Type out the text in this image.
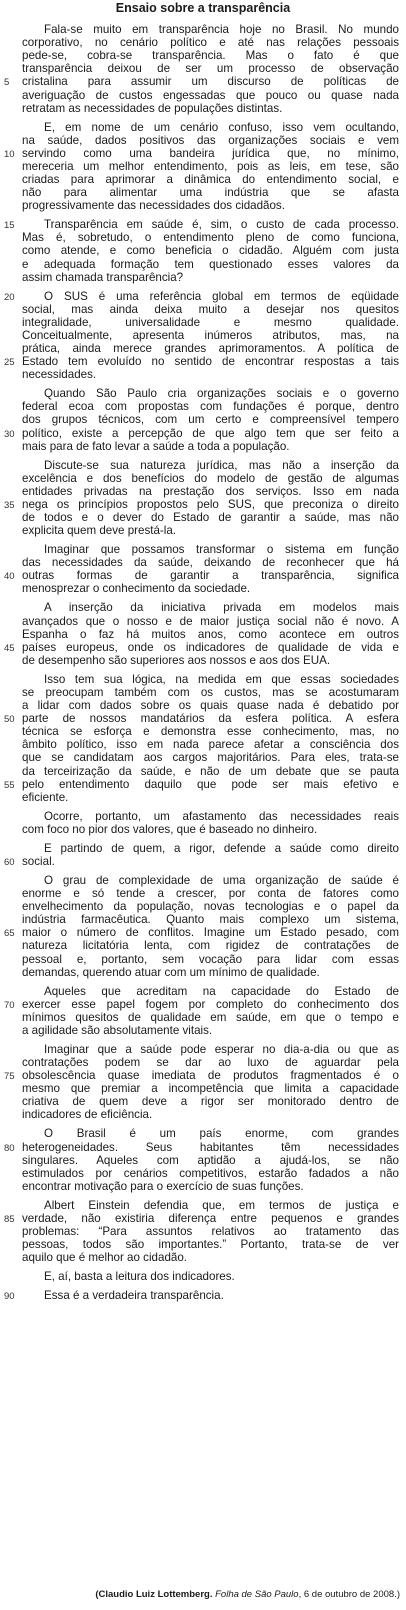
Ensaio sobre a transparência
Fala-se muito em transparência hoje no Brasil. No mundo
corporativo, no cenário político e até nas relações pessoais
pede-se, cobra-se transparência. Mas o fato é que
transparência deixou de ser um processo de observação
cristalina para assumir um discurso de políticas de
5
averiguação de custos engessadas que pouco ou quase nada
retratam as necessidades de populações distintas.
E, em nome de um cenário confuso, isso vem ocultando,
na saúde, dados positivos das organizações sociais e vem
servindo como uma bandeira jurídica que, no mínimo,
10
mereceria um melhor entendimento, pois as leis, em tese, são
criadas para aprimorar a dinâmica do entendimento social, e
não para alimentar uma indústria que se afasta
progressivamente das necessidades dos cidadãos.
Transparência em saúde é, sim, o custo de cada processo.
15
Mas é, sobretudo, o entendimento pleno de como funciona,
como atende, e como beneficia o cidadão. Alguém com justa
e adequada formação tem questionado esses valores da
assim chamada transparência?
O SUS é uma referência global em termos de eqüidade
20
social, mas ainda deixa muito a desejar nos quesitos
integralidade, universalidade e mesmo qualidade.
Conceitualmente, apresenta inúmeros atributos, mas, na
prática, ainda merece grandes aprimoramentos. A política de
Estado tem evoluído no sentido de encontrar respostas a tais
25
necessidades.
Quando São Paulo cria organizações sociais e o governo
federal ecoa com propostas com fundações é porque, dentro
dos grupos técnicos, com um certo e compreensível tempero
político, existe a percepção de que algo tem que ser feito a
30
mais para de fato levar a saúde a toda a população.
Discute-se sua natureza jurídica, mas não a inserção da
excelência e dos benefícios do modelo de gestão de algumas
entidades privadas na prestação dos serviços. Isso em nada
nega os princípios propostos pelo SUS, que preconiza o direito
35
de todos e o dever do Estado de garantir a saúde, mas não
explicita quem deve prestá-la.
Imaginar que possamos transformar o sistema em função
das necessidades da saúde, deixando de reconhecer que há
outras formas de garantir a transparência, significa
40
menosprezar o conhecimento da sociedade.
A inserção da iniciativa privada em modelos mais
avançados que o nosso e de maior justiça social não é novo. A
Espanha o faz há muitos anos, como acontece em outros
países europeus, onde os indicadores de qualidade de vida e
45
de desempenho são superiores aos nossos e aos dos EUA.
Isso tem sua lógica, na medida em que essas sociedades
se preocupam também com os custos, mas se acostumaram
a lidar com dados sobre os quais quase nada é debatido por
parte de nossos mandatários da esfera política. A esfera
50
técnica se esforça e demonstra esse conhecimento, mas, no
âmbito político, isso em nada parece afetar a consciência dos
que se candidatam aos cargos majoritários. Para eles, trata-se
da terceirização da saúde, e não de um debate que se pauta
pelo entendimento daquilo que pode ser mais efetivo e
55
eficiente.
Ocorre, portanto, um afastamento das necessidades reais
com foco no pior dos valores, que é baseado no dinheiro.
E partindo de quem, a rigor, defende a saúde como direito
social.
60
O grau de complexidade de uma organização de saúde é
enorme e só tende a crescer, por conta de fatores como
envelhecimento da população, novas tecnologias e o papel da
indústria farmacêutica. Quanto mais complexo um sistema,
maior o número de conflitos. Imagine um Estado pesado, com
65
natureza licitatória lenta, com rigidez de contratações de
pessoal e, portanto, sem vocação para lidar com essas
demandas, querendo atuar com um mínimo de qualidade.
Aqueles que acreditam na capacidade do Estado de
exercer esse papel fogem por completo do conhecimento dos
70
mínimos quesitos de qualidade em saúde, em que o tempo e
a agilidade são absolutamente vitais.
Imaginar que a saúde pode esperar no dia-a-dia ou que as
contratações podem se dar ao luxo de aguardar pela
obsolescência quase imediata de produtos fragmentados é o
75
mesmo que premiar a incompetência que limita a capacidade
criativa de quem deve a rigor ser monitorado dentro de
indicadores de eficiência.
O Brasil é um país enorme, com grandes
heterogeneidades. Seus habitantes têm necessidades
80
singulares. Aqueles com aptidão a ajudá-los, se não
estimulados por cenários competitivos, estarão fadados a não
encontrar motivação para o exercício de suas funções.
Albert Einstein defendia que, em termos de justiça e
verdade, não existiria diferença entre pequenos e grandes
85
problemas: “Para assuntos relativos ao tratamento das
pessoas, todos são importantes.” Portanto, trata-se de ver
aquilo que é melhor ao cidadão.
E, aí, basta a leitura dos indicadores.
Essa é a verdadeira transparência.
90
(Claudio Luiz Lottemberg. Folha de São Paulo, 6 de outubro de 2008.)
